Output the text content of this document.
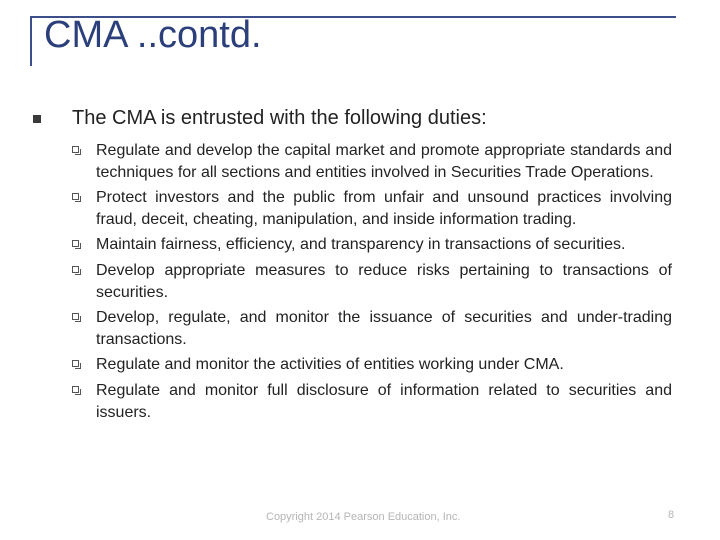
CMA ..contd.
The CMA is entrusted with the following duties:
Regulate and develop the capital market and promote appropriate standards and techniques for all sections and entities involved in Securities Trade Operations.
Protect investors and the public from unfair and unsound practices involving fraud, deceit, cheating, manipulation, and inside information trading.
Maintain fairness, efficiency, and transparency in transactions of securities.
Develop appropriate measures to reduce risks pertaining to transactions of securities.
Develop, regulate, and monitor the issuance of securities and under-trading transactions.
Regulate and monitor the activities of entities working under CMA.
Regulate and monitor full disclosure of information related to securities and issuers.
Copyright 2014 Pearson Education, Inc.	8
